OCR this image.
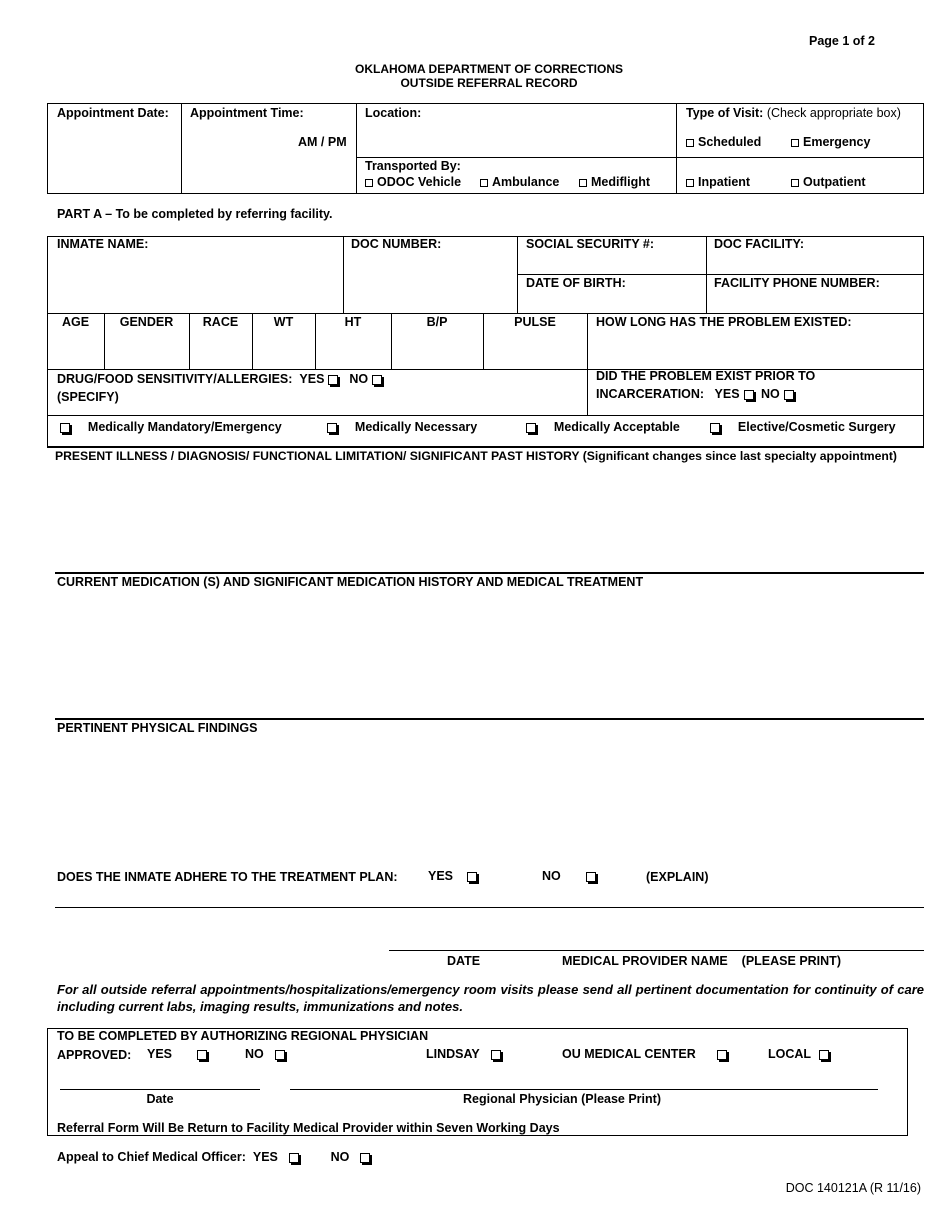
Page 1 of 2
OKLAHOMA DEPARTMENT OF CORRECTIONS
OUTSIDE REFERRAL RECORD
Appointment Date: Appointment Time:
AM / PM
Location:	Type of Visit: (Check appropriate box)
Scheduled	Emergency
Transported By:
ODOC Vehicle	Ambulance	Mediflight	Inpatient	Outpatient
PART A – To be completed by referring facility.
INMATE NAME:	DOC NUMBER:	SOCIAL SECURITY #:	DOC FACILITY:
DATE OF BIRTH:	FACILITY PHONE NUMBER:
AGE	GENDER	RACE	WT	HT	B/P	PULSE	HOW LONG HAS THE PROBLEM EXISTED:
DRUG/FOOD SENSITIVITY/ALLERGIES: YES NO
(SPECIFY)
DID THE PROBLEM EXIST PRIOR TO
INCARCERATION: YES NO
Medically Mandatory/Emergency	Medically Necessary	Medically Acceptable	Elective/Cosmetic Surgery
PRESENT ILLNESS / DIAGNOSIS/ FUNCTIONAL LIMITATION/ SIGNIFICANT PAST HISTORY (Significant changes since last specialty appointment)
CURRENT MEDICATION (S) AND SIGNIFICANT MEDICATION HISTORY AND MEDICAL TREATMENT
PERTINENT PHYSICAL FINDINGS
DOES THE INMATE ADHERE TO THE TREATMENT PLAN: YES	NO	(EXPLAIN)
DATE	MEDICAL PROVIDER NAME (PLEASE PRINT)
For all outside referral appointments/hospitalizations/emergency room visits please send all pertinent documentation for continuity of care including current labs, imaging results, immunizations and notes.
TO BE COMPLETED BY AUTHORIZING REGIONAL PHYSICIAN
APPROVED: YES	NO	LINDSAY	OU MEDICAL CENTER	LOCAL
Date	Regional Physician (Please Print)
Referral Form Will Be Return to Facility Medical Provider within Seven Working Days
Appeal to Chief Medical Officer: YES	NO
DOC 140121A (R 11/16)
